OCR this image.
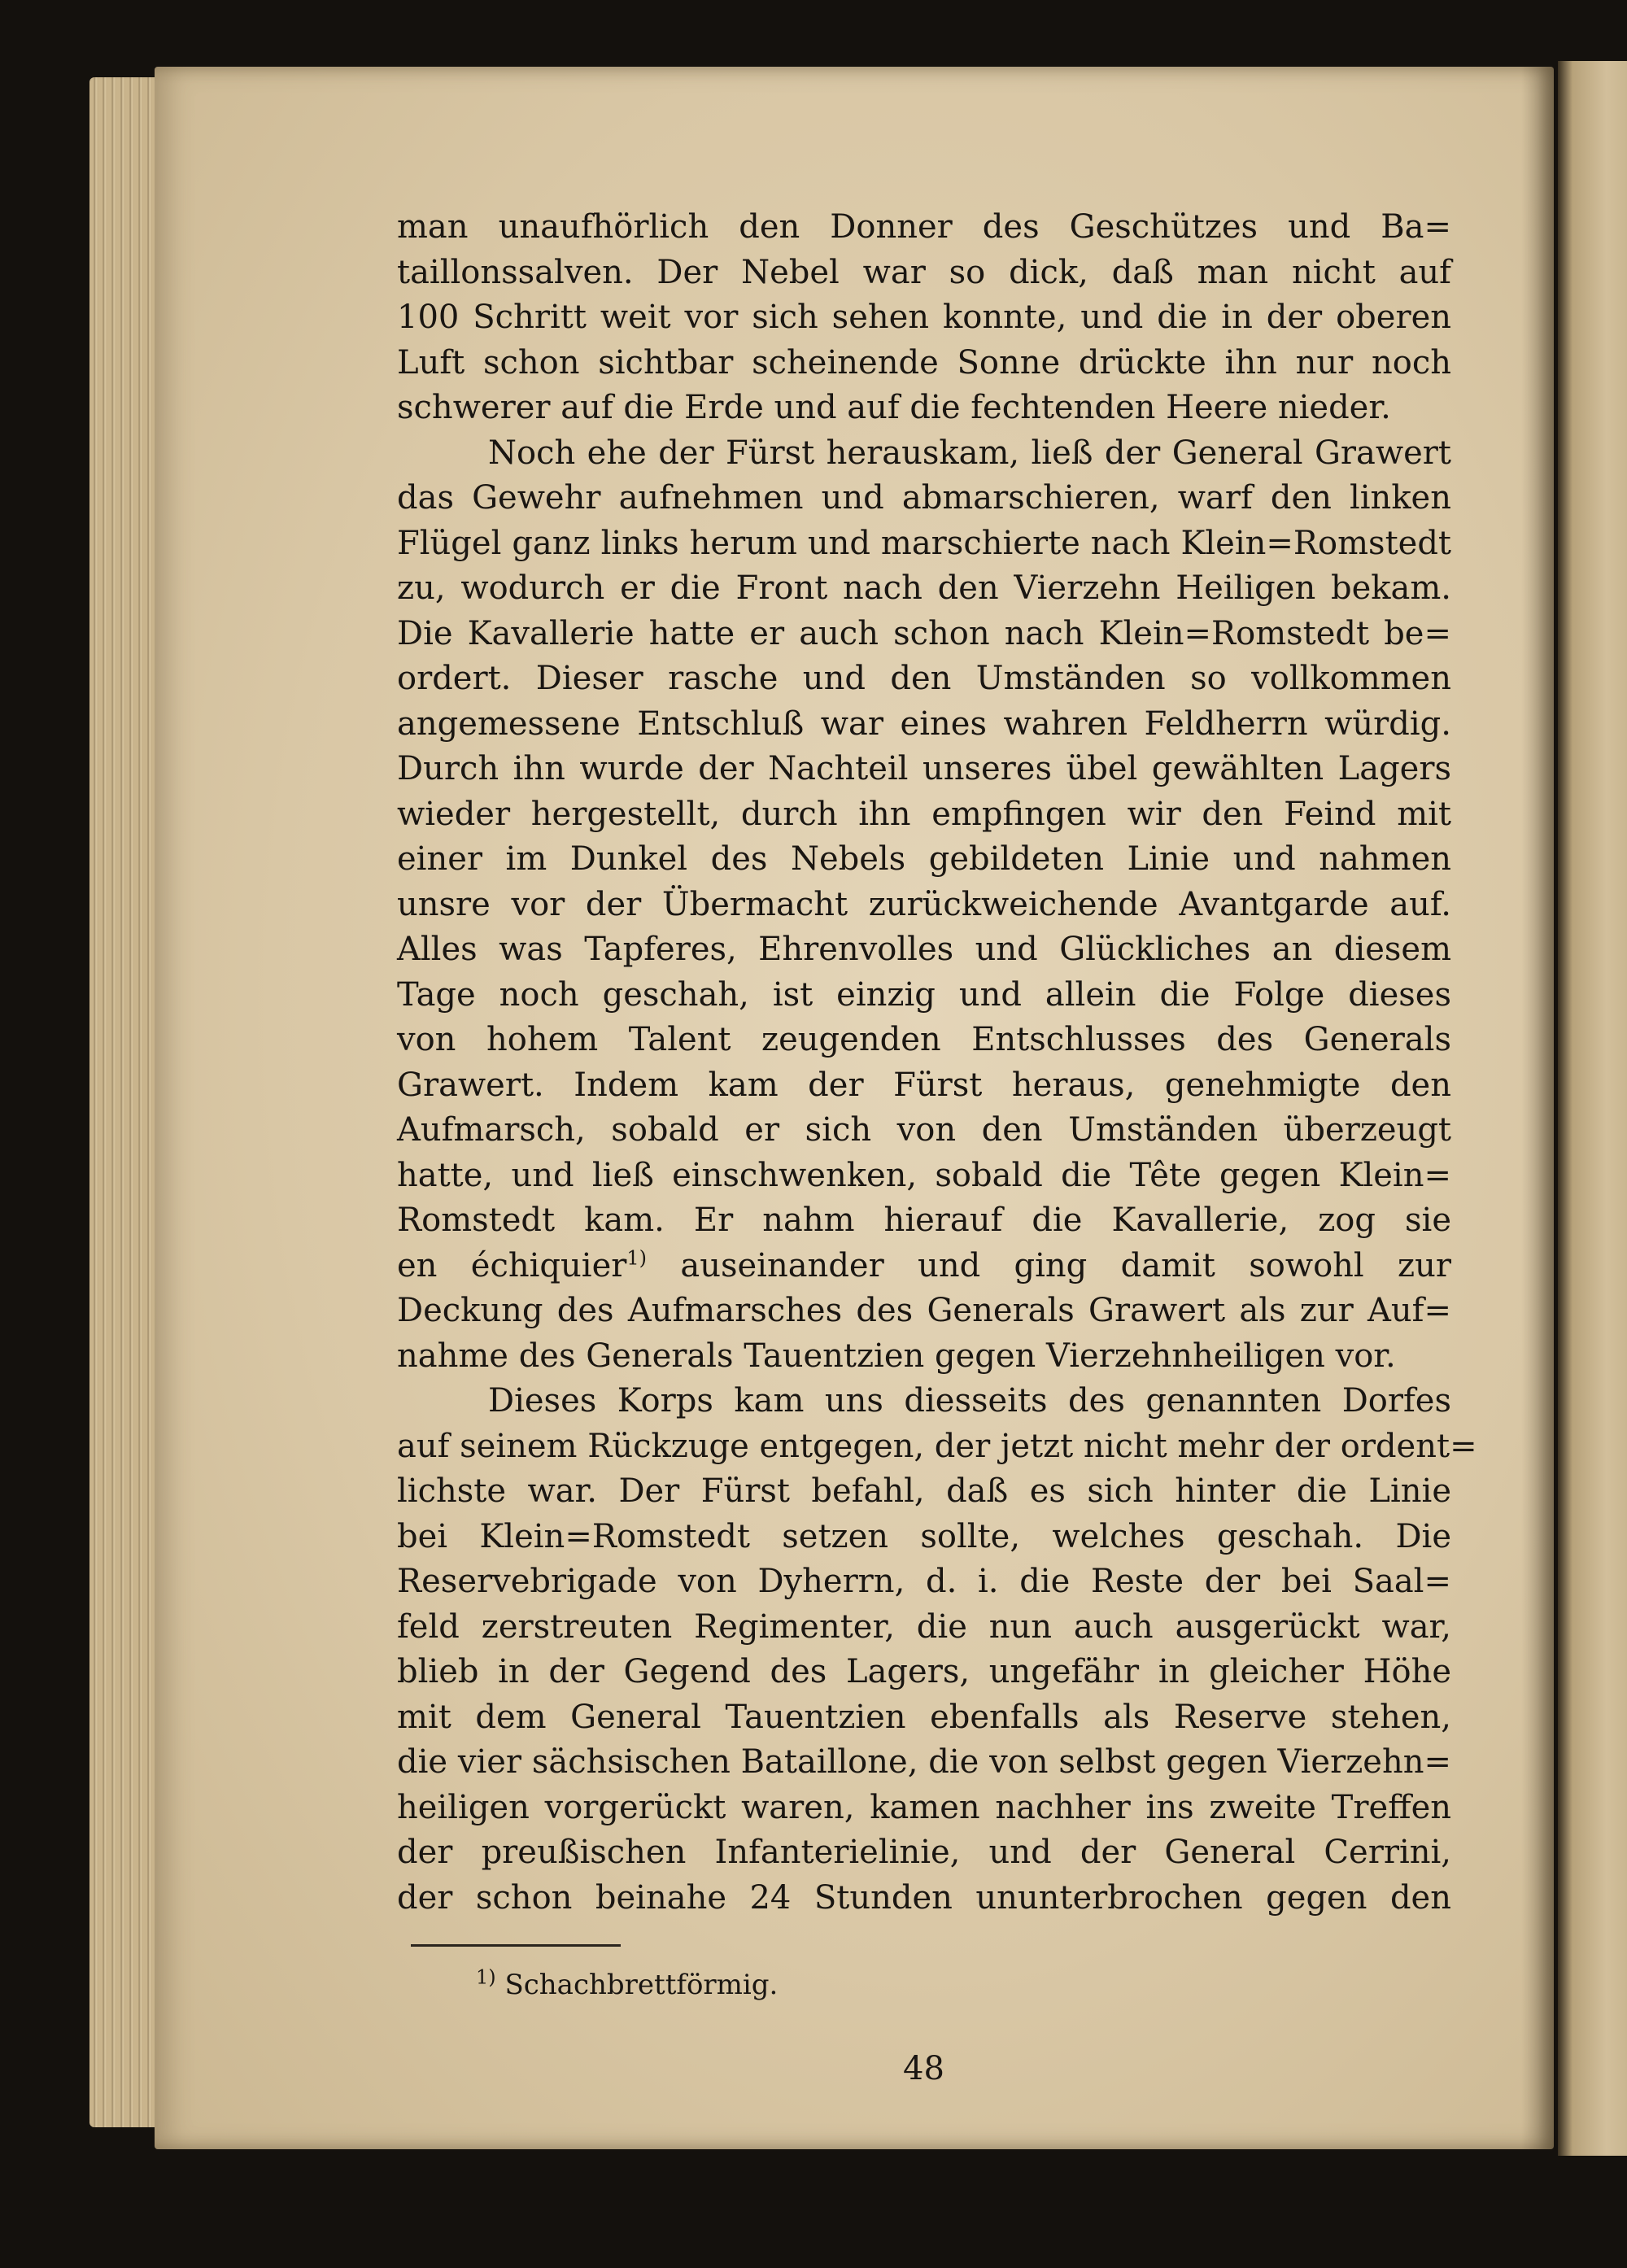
man unaufhörlich den Donner des Geschützes und Ba=
taillonssalven. Der Nebel war so dick, daß man nicht auf
100 Schritt weit vor sich sehen konnte, und die in der oberen
Luft schon sichtbar scheinende Sonne drückte ihn nur noch
schwerer auf die Erde und auf die fechtenden Heere nieder.
Noch ehe der Fürst herauskam, ließ der General Grawert
das Gewehr aufnehmen und abmarschieren, warf den linken
Flügel ganz links herum und marschierte nach Klein=Romstedt
zu, wodurch er die Front nach den Vierzehn Heiligen bekam.
Die Kavallerie hatte er auch schon nach Klein=Romstedt be=
ordert. Dieser rasche und den Umständen so vollkommen
angemessene Entschluß war eines wahren Feldherrn würdig.
Durch ihn wurde der Nachteil unseres übel gewählten Lagers
wieder hergestellt, durch ihn empfingen wir den Feind mit
einer im Dunkel des Nebels gebildeten Linie und nahmen
unsre vor der Übermacht zurückweichende Avantgarde auf.
Alles was Tapferes, Ehrenvolles und Glückliches an diesem
Tage noch geschah, ist einzig und allein die Folge dieses
von hohem Talent zeugenden Entschlusses des Generals
Grawert. Indem kam der Fürst heraus, genehmigte den
Aufmarsch, sobald er sich von den Umständen überzeugt
hatte, und ließ einschwenken, sobald die Tête gegen Klein=
Romstedt kam. Er nahm hierauf die Kavallerie, zog sie
en échiquier$^{1)}$ auseinander und ging damit sowohl zur
Deckung des Aufmarsches des Generals Grawert als zur Auf=
nahme des Generals Tauentzien gegen Vierzehnheiligen vor.
Dieses Korps kam uns diesseits des genannten Dorfes
auf seinem Rückzuge entgegen, der jetzt nicht mehr der ordent=
lichste war. Der Fürst befahl, daß es sich hinter die Linie
bei Klein=Romstedt setzen sollte, welches geschah. Die
Reservebrigade von Dyherrn, d. i. die Reste der bei Saal=
feld zerstreuten Regimenter, die nun auch ausgerückt war,
blieb in der Gegend des Lagers, ungefähr in gleicher Höhe
mit dem General Tauentzien ebenfalls als Reserve stehen,
die vier sächsischen Bataillone, die von selbst gegen Vierzehn=
heiligen vorgerückt waren, kamen nachher ins zweite Treffen
der preußischen Infanterielinie, und der General Cerrini,
der schon beinahe 24 Stunden ununterbrochen gegen den
$^{1)}$ Schachbrettförmig.
48
